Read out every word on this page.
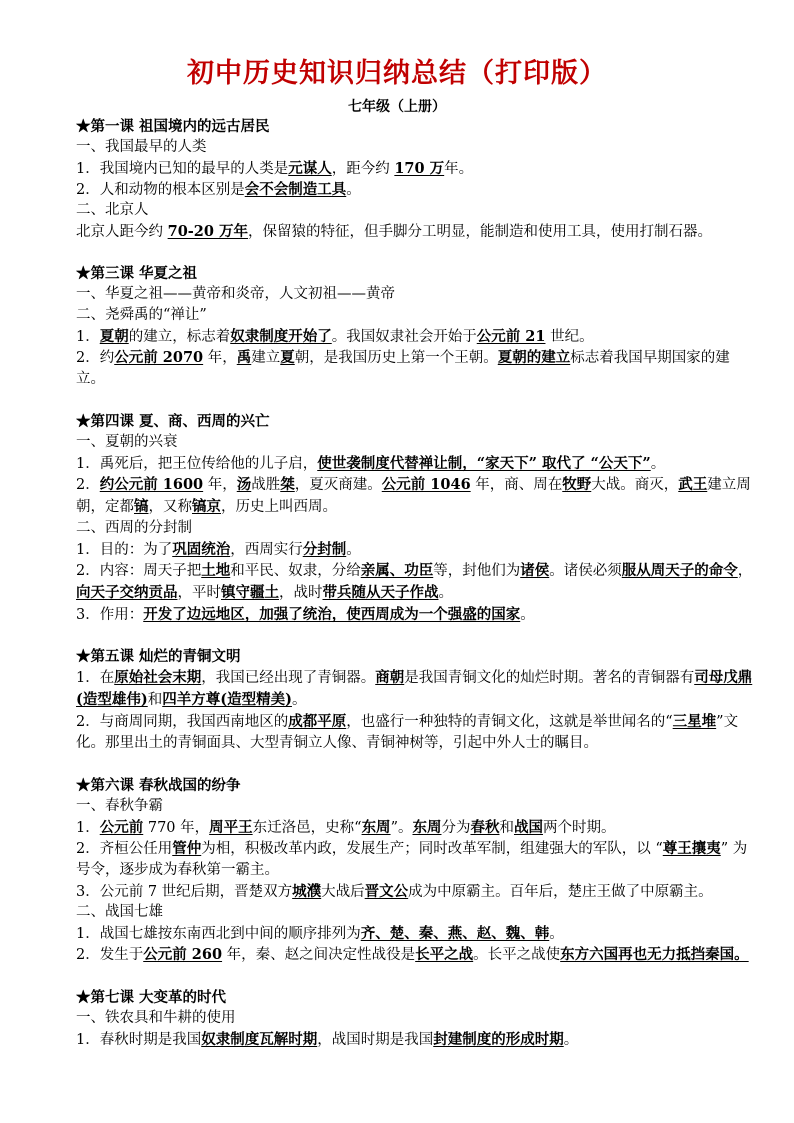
初中历史知识归纳总结（打印版）
七年级（上册）
★第一课 祖国境内的远古居民
一、我国最早的人类
1．我国境内已知的最早的人类是元谋人，距今约 170 万年。
2．人和动物的根本区别是会不会制造工具。
二、北京人
北京人距今约 70-20 万年，保留猿的特征，但手脚分工明显，能制造和使用工具，使用打制石器。
★第三课 华夏之祖
一、华夏之祖——黄帝和炎帝，人文初祖——黄帝
二、尧舜禹的“禅让”
1．夏朝的建立，标志着奴隶制度开始了。我国奴隶社会开始于公元前 21 世纪。
2．约公元前 2070 年，禹建立夏朝，是我国历史上第一个王朝。夏朝的建立标志着我国早期国家的建立。
★第四课 夏、商、西周的兴亡
一、夏朝的兴衰
1．禹死后，把王位传给他的儿子启，使世袭制度代替禅让制，“家天下” 取代了 “公天下”。
2．约公元前 1600 年，汤战胜桀，夏灭商建。公元前 1046 年，商、周在牧野大战。商灭，武王建立周朝，定都镐，又称镐京，历史上叫西周。
二、西周的分封制
1．目的：为了巩固统治，西周实行分封制。
2．内容：周天子把土地和平民、奴隶，分给亲属、功臣等，封他们为诸侯。诸侯必须服从周天子的命令，向天子交纳贡品，平时镇守疆土，战时带兵随从天子作战。
3．作用：开发了边远地区，加强了统治，使西周成为一个强盛的国家。
★第五课 灿烂的青铜文明
1．在原始社会末期，我国已经出现了青铜器。商朝是我国青铜文化的灿烂时期。著名的青铜器有司母戊鼎(造型雄伟)和四羊方尊(造型精美)。
2．与商周同期，我国西南地区的成都平原，也盛行一种独特的青铜文化，这就是举世闻名的“三星堆”文化。那里出土的青铜面具、大型青铜立人像、青铜神树等，引起中外人士的瞩目。
★第六课 春秋战国的纷争
一、春秋争霸
1．公元前 770 年，周平王东迁洛邑，史称“东周”。东周分为春秋和战国两个时期。
2．齐桓公任用管仲为相，积极改革内政，发展生产；同时改革军制，组建强大的军队，以 “尊王攘夷” 为号令，逐步成为春秋第一霸主。
3．公元前 7 世纪后期，晋楚双方城濮大战后晋文公成为中原霸主。百年后，楚庄王做了中原霸主。
二、战国七雄
1．战国七雄按东南西北到中间的顺序排列为齐、楚、秦、燕、赵、魏、韩。
2．发生于公元前 260 年，秦、赵之间决定性战役是长平之战。长平之战使东方六国再也无力抵挡秦国。
★第七课 大变革的时代
一、铁农具和牛耕的使用
1．春秋时期是我国奴隶制度瓦解时期，战国时期是我国封建制度的形成时期。
